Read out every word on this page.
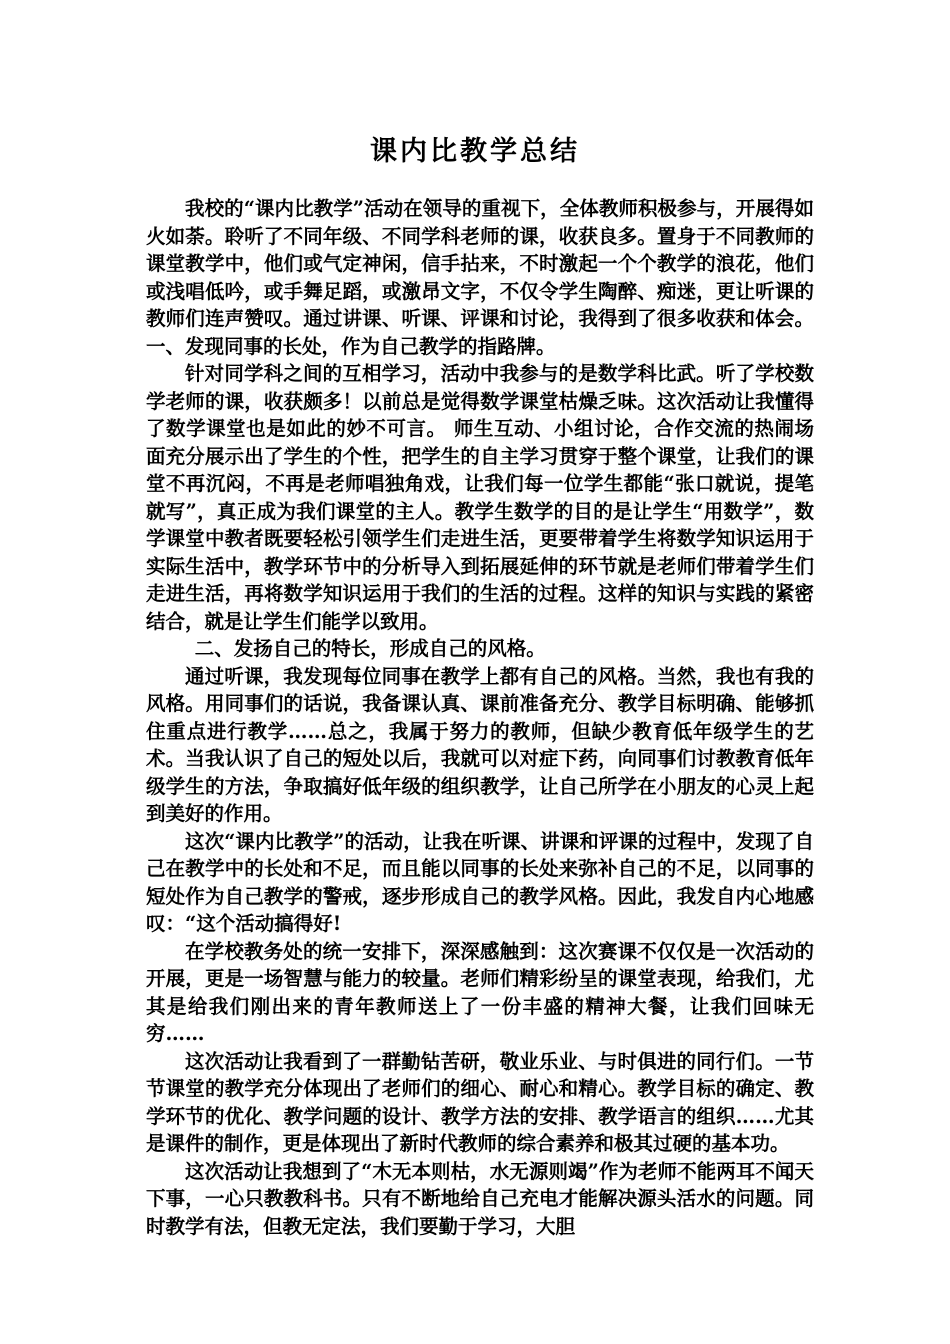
课内比教学总结

我校的“课内比教学”活动在领导的重视下，全体教师积极参与，开展得如火如荼。聆听了不同年级、不同学科老师的课，收获良多。置身于不同教师的课堂教学中，他们或气定神闲，信手拈来，不时激起一个个教学的浪花，他们或浅唱低吟，或手舞足蹈，或激昂文字，不仅令学生陶醉、痴迷，更让听课的教师们连声赞叹。通过讲课、听课、评课和讨论，我得到了很多收获和体会。一、发现同事的长处，作为自己教学的指路牌。

针对同学科之间的互相学习，活动中我参与的是数学科比武。听了学校数学老师的课，收获颇多！以前总是觉得数学课堂枯燥乏味。这次活动让我懂得了数学课堂也是如此的妙不可言。 师生互动、小组讨论，合作交流的热闹场面充分展示出了学生的个性，把学生的自主学习贯穿于整个课堂，让我们的课堂不再沉闷，不再是老师唱独角戏，让我们每一位学生都能“张口就说，提笔就写”，真正成为我们课堂的主人。教学生数学的目的是让学生“用数学”，数学课堂中教者既要轻松引领学生们走进生活，更要带着学生将数学知识运用于实际生活中，教学环节中的分析导入到拓展延伸的环节就是老师们带着学生们走进生活，再将数学知识运用于我们的生活的过程。这样的知识与实践的紧密结合，就是让学生们能学以致用。

二、发扬自己的特长，形成自己的风格。

通过听课，我发现每位同事在教学上都有自己的风格。当然，我也有我的风格。用同事们的话说，我备课认真、课前准备充分、教学目标明确、能够抓住重点进行教学……总之，我属于努力的教师，但缺少教育低年级学生的艺术。当我认识了自己的短处以后，我就可以对症下药，向同事们讨教教育低年级学生的方法，争取搞好低年级的组织教学，让自己所学在小朋友的心灵上起到美好的作用。

这次“课内比教学”的活动，让我在听课、讲课和评课的过程中，发现了自己在教学中的长处和不足，而且能以同事的长处来弥补自己的不足，以同事的短处作为自己教学的警戒，逐步形成自己的教学风格。因此，我发自内心地感叹：“这个活动搞得好!

在学校教务处的统一安排下，深深感触到：这次赛课不仅仅是一次活动的开展，更是一场智慧与能力的较量。老师们精彩纷呈的课堂表现，给我们，尤其是给我们刚出来的青年教师送上了一份丰盛的精神大餐，让我们回味无穷……

这次活动让我看到了一群勤钻苦研，敬业乐业、与时俱进的同行们。一节节课堂的教学充分体现出了老师们的细心、耐心和精心。教学目标的确定、教学环节的优化、教学问题的设计、教学方法的安排、教学语言的组织……尤其是课件的制作，更是体现出了新时代教师的综合素养和极其过硬的基本功。

这次活动让我想到了“木无本则枯，水无源则竭”作为老师不能两耳不闻天下事，一心只教教科书。只有不断地给自己充电才能解决源头活水的问题。同时教学有法，但教无定法，我们要勤于学习，大胆
